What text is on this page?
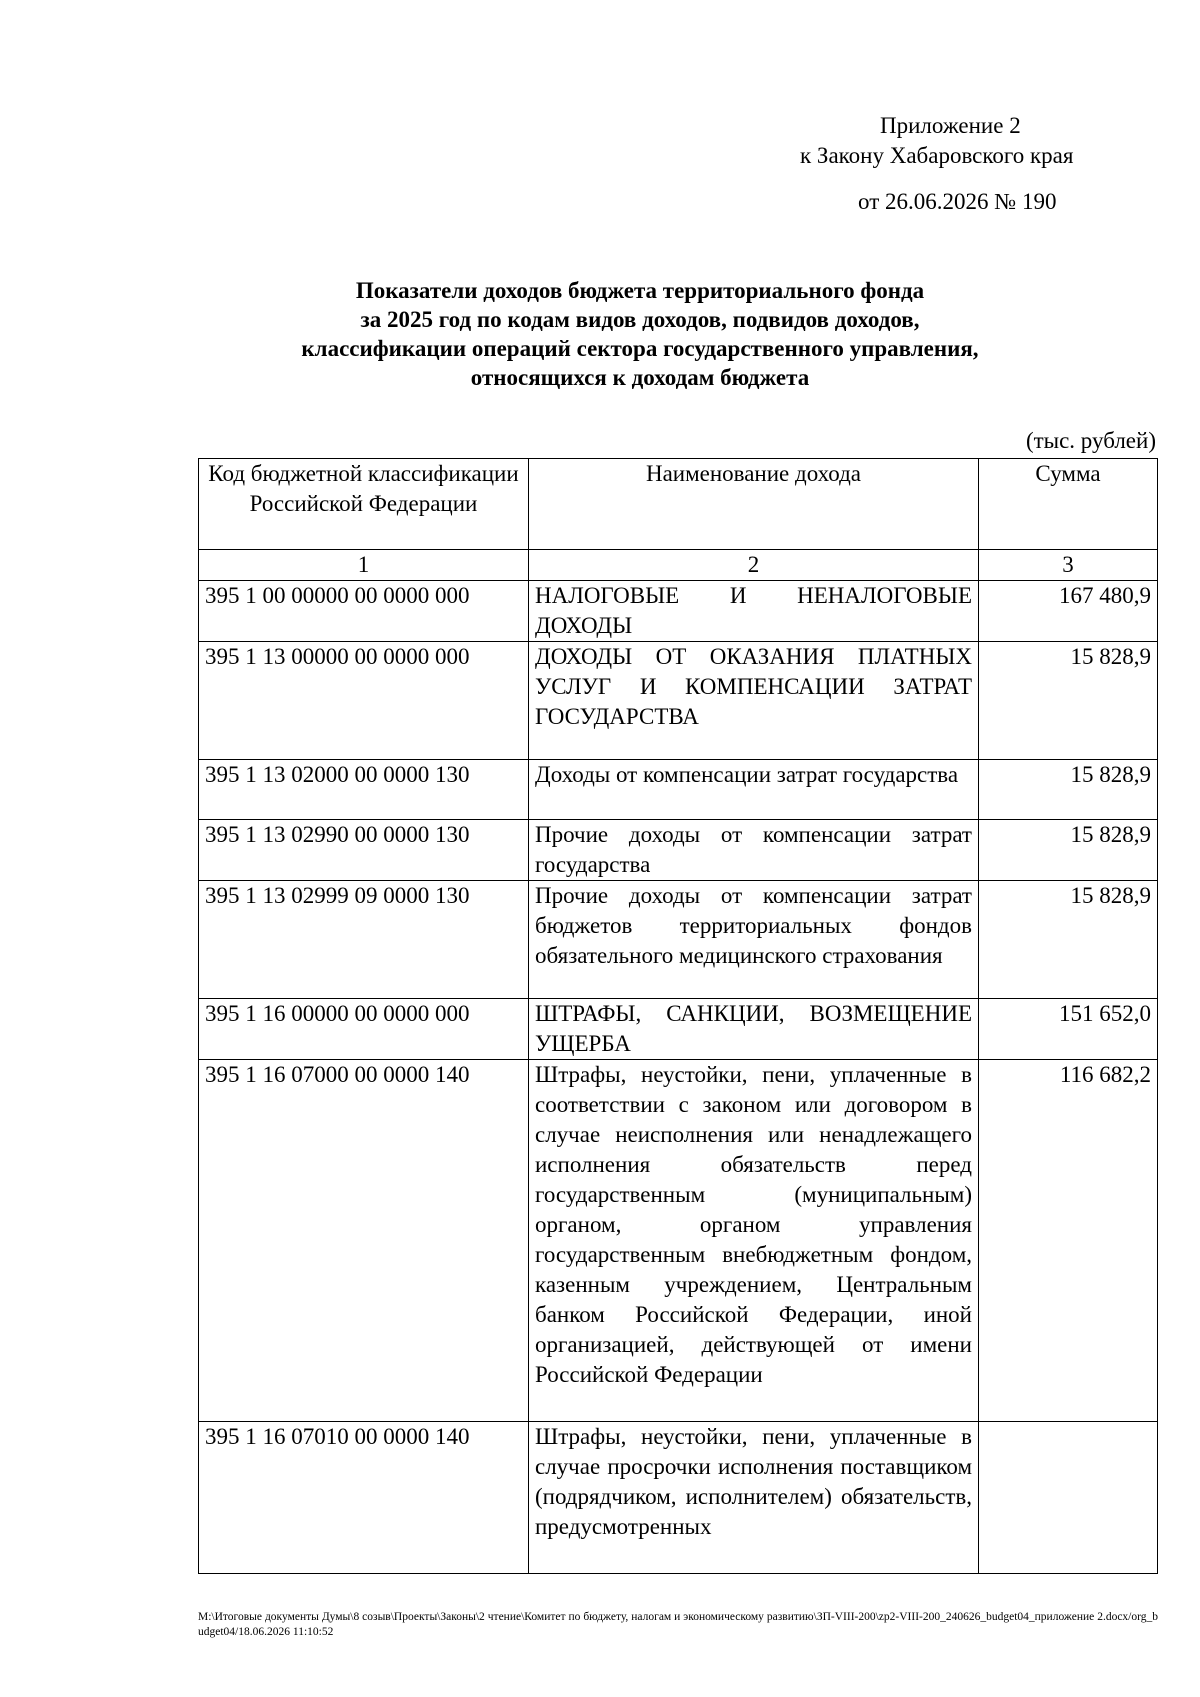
Приложение 2
к Закону Хабаровского края
от 26.06.2026 № 190
Показатели доходов бюджета территориального фонда
за 2025 год по кодам видов доходов, подвидов доходов,
классификации операций сектора государственного управления,
относящихся к доходам бюджета
(тыс. рублей)
Код бюджетной классификации Российской Федерации	Наименование дохода	Сумма
1	2	3
395 1 00 00000 00 0000 000	НАЛОГОВЫЕ И НЕНАЛОГОВЫЕ ДОХОДЫ	167 480,9
395 1 13 00000 00 0000 000	ДОХОДЫ ОТ ОКАЗАНИЯ ПЛАТНЫХ УСЛУГ И КОМПЕНСАЦИИ ЗАТРАТ ГОСУДАРСТВА	15 828,9
395 1 13 02000 00 0000 130	Доходы от компенсации затрат государства	15 828,9
395 1 13 02990 00 0000 130	Прочие доходы от компенсации затрат государства	15 828,9
395 1 13 02999 09 0000 130	Прочие доходы от компенсации затрат бюджетов территориальных фондов обязательного медицинского страхования	15 828,9
395 1 16 00000 00 0000 000	ШТРАФЫ, САНКЦИИ, ВОЗМЕЩЕНИЕ УЩЕРБА	151 652,0
395 1 16 07000 00 0000 140	Штрафы, неустойки, пени, уплаченные в соответствии с законом или договором в случае неисполнения или ненадлежащего исполнения обязательств перед государственным (муниципальным) органом, органом управления государственным внебюджетным фондом, казенным учреждением, Центральным банком Российской Федерации, иной организацией, действующей от имени Российской Федерации	116 682,2
395 1 16 07010 00 0000 140	Штрафы, неустойки, пени, уплаченные в случае просрочки исполнения поставщиком (подрядчиком, исполнителем) обязательств, предусмотренных	
M:\Итоговые документы Думы\8 созыв\Проекты\Законы\2 чтение\Комитет по бюджету, налогам и экономическому развитию\ЗП-VIII-200\zp2-VIII-200_240626_budget04_приложение 2.docx/org_budget04/18.06.2026 11:10:52
